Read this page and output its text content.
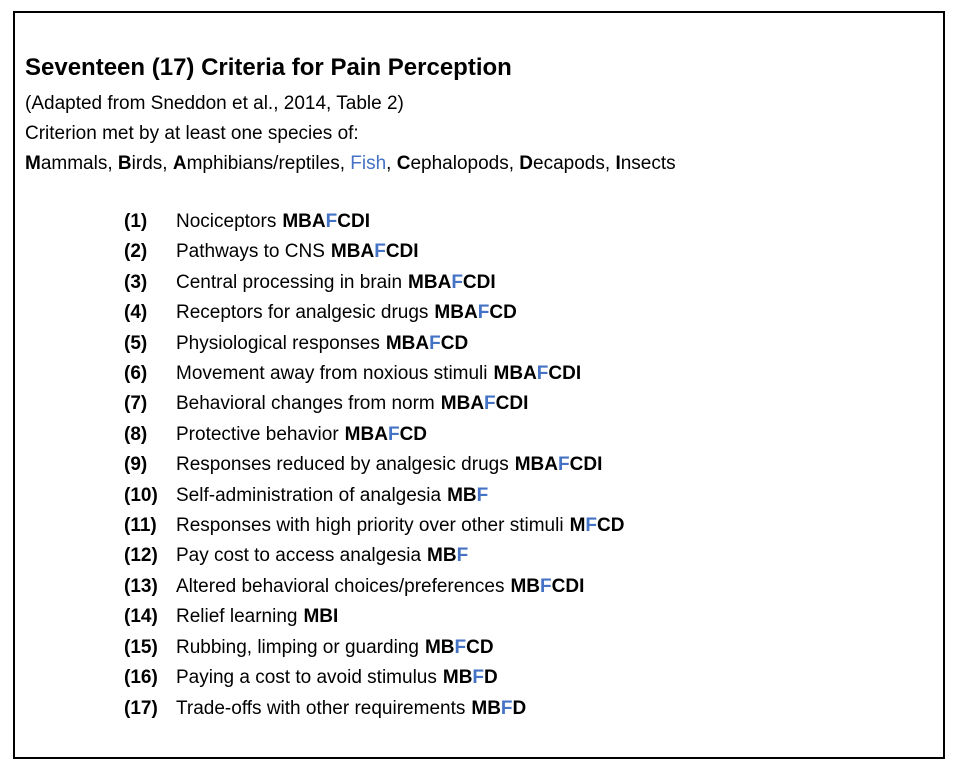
Seventeen (17) Criteria for Pain Perception
(Adapted from Sneddon et al., 2014, Table 2)
Criterion met by at least one species of:
Mammals, Birds, Amphibians/reptiles, Fish, Cephalopods, Decapods, Insects
(1)	Nociceptors MBAFCDI
(2)	Pathways to CNS MBAFCDI
(3)	Central processing in brain MBAFCDI
(4)	Receptors for analgesic drugs MBAFCD
(5)	Physiological responses MBAFCD
(6)	Movement away from noxious stimuli MBAFCDI
(7)	Behavioral changes from norm MBAFCDI
(8)	Protective behavior MBAFCD
(9)	Responses reduced by analgesic drugs MBAFCDI
(10) Self-administration of analgesia MBF
(11)	Responses with high priority over other stimuli MFCD
(12) Pay cost to access analgesia MBF
(13) Altered behavioral choices/preferences MBFCDI
(14) Relief learning MBI
(15) Rubbing, limping or guarding MBFCD
(16) Paying a cost to avoid stimulus MBFD
(17) Trade-offs with other requirements MBFD
